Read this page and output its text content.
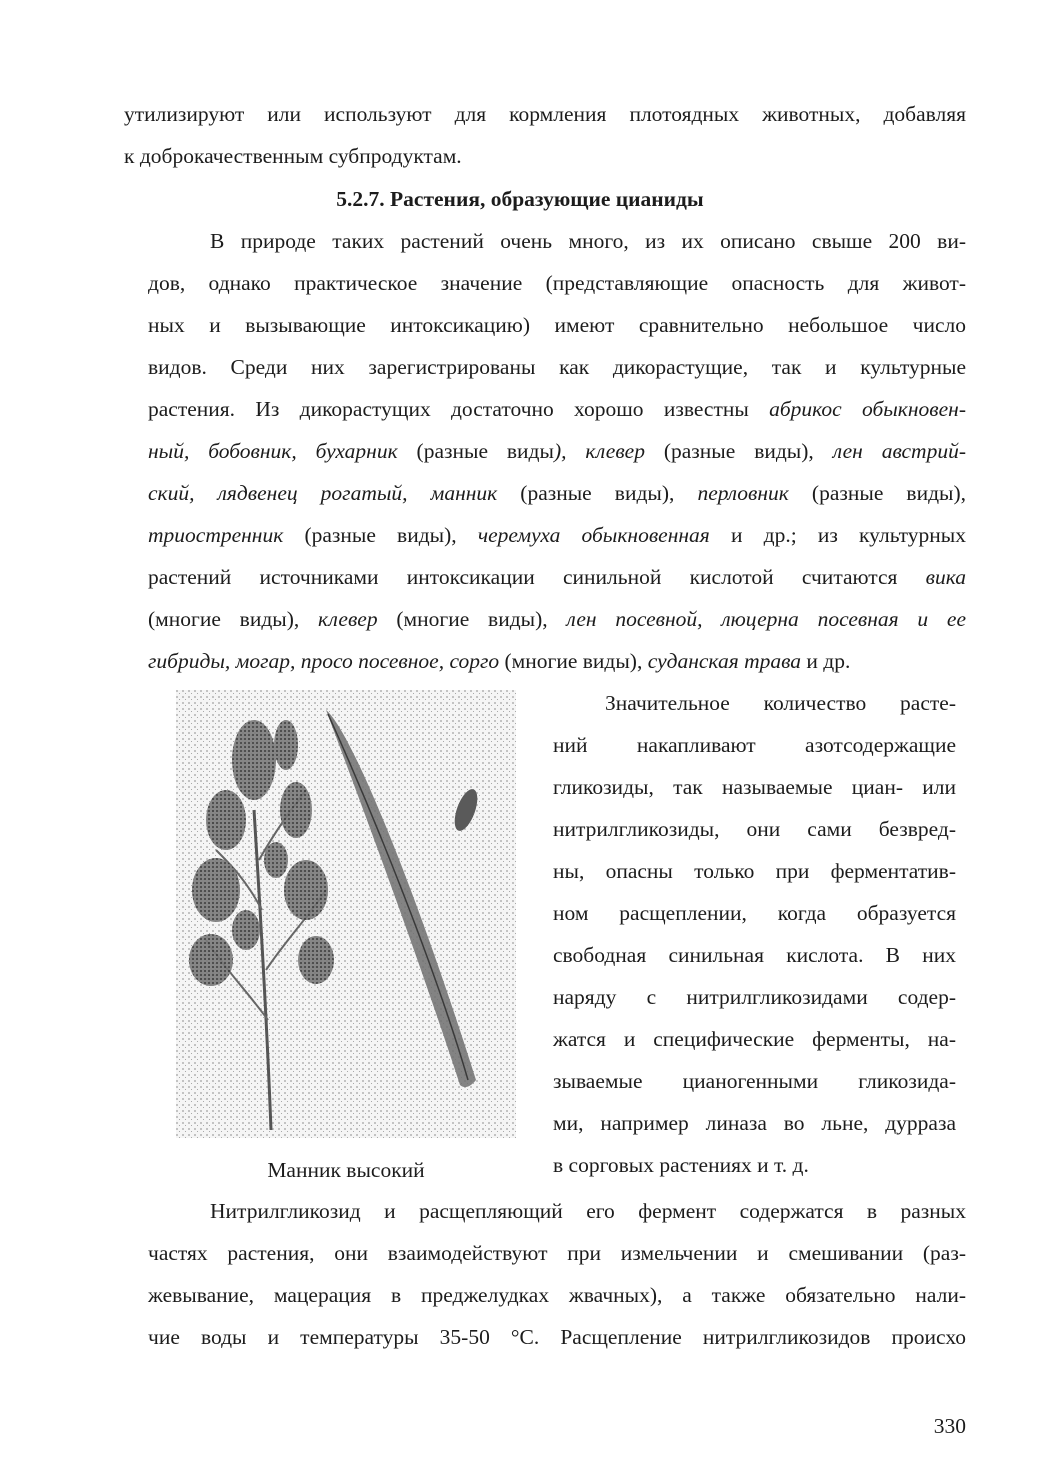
утилизируют или используют для кормления плотоядных животных, добавляя
к доброкачественным субпродуктам.
5.2.7. Растения, образующие цианиды
В природе таких растений очень много, из их описано свыше 200 ви-
дов, однако практическое значение (представляющие опасность для живот-
ных и вызывающие интоксикацию) имеют сравнительно небольшое число
видов. Среди них зарегистрированы как дикорастущие, так и культурные
растения. Из дикорастущих достаточно хорошо известны абрикос обыкновен-
ный, бобовник, бухарник (разные виды), клевер (разные виды), лен австрий-
ский, лядвенец рогатый, манник (разные виды), перловник (разные виды),
триостренник (разные виды), черемуха обыкновенная и др.; из культурных
растений источниками интоксикации синильной кислотой считаются вика
(многие виды), клевер (многие виды), лен посевной, люцерна посевная и ее
гибриды, могар, просо посевное, сорго (многие виды), суданская трава и др.
Манник высокий
Значительное количество расте-
ний накапливают азотсодержащие
гликозиды, так называемые циан- или
нитрилгликозиды, они сами безвред-
ны, опасны только при ферментатив-
ном расщеплении, когда образуется
свободная синильная кислота. В них
наряду с нитрилгликозидами содер-
жатся и специфические ферменты, на-
зываемые цианогенными гликозида-
ми, например линаза во льне, дурраза
в сорговых растениях и т. д.
Нитрилгликозид и расщепляющий его фермент содержатся в разных
частях растения, они взаимодействуют при измельчении и смешивании (раз-
жевывание, мацерация в преджелудках жвачных), а также обязательно нали-
чие воды и температуры 35-50 °С. Расщепление нитрилгликозидов происхо
330
